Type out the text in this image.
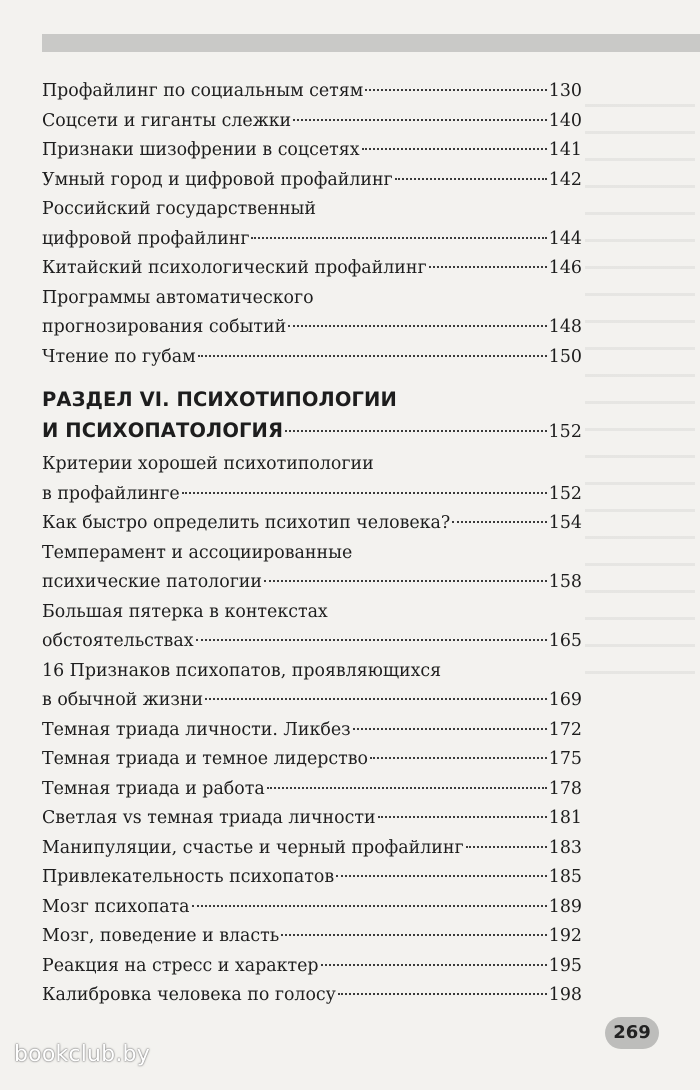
Профайлинг по социальным сетям	130
Соцсети и гиганты слежки	140
Признаки шизофрении в соцсетях	141
Умный город и цифровой профайлинг	142
Российский государственный
цифровой профайлинг	144
Китайский психологический профайлинг	146
Программы автоматического
прогнозирования событий	148
Чтение по губам	150
РАЗДЕЛ VI. ПСИХОТИПОЛОГИИ
И ПСИХОПАТОЛОГИЯ	152
Критерии хорошей психотипологии
в профайлинге	152
Как быстро определить психотип человека?	154
Темперамент и ассоциированные
психические патологии	158
Большая пятерка в контекстах
обстоятельствах	165
16 Признаков психопатов, проявляющихся
в обычной жизни	169
Темная триада личности. Ликбез	172
Темная триада и темное лидерство	175
Темная триада и работа	178
Светлая vs темная триада личности	181
Манипуляции, счастье и черный профайлинг	183
Привлекательность психопатов	185
Мозг психопата	189
Мозг, поведение и власть	192
Реакция на стресс и характер	195
Калибровка человека по голосу	198
269
bookclub.by
